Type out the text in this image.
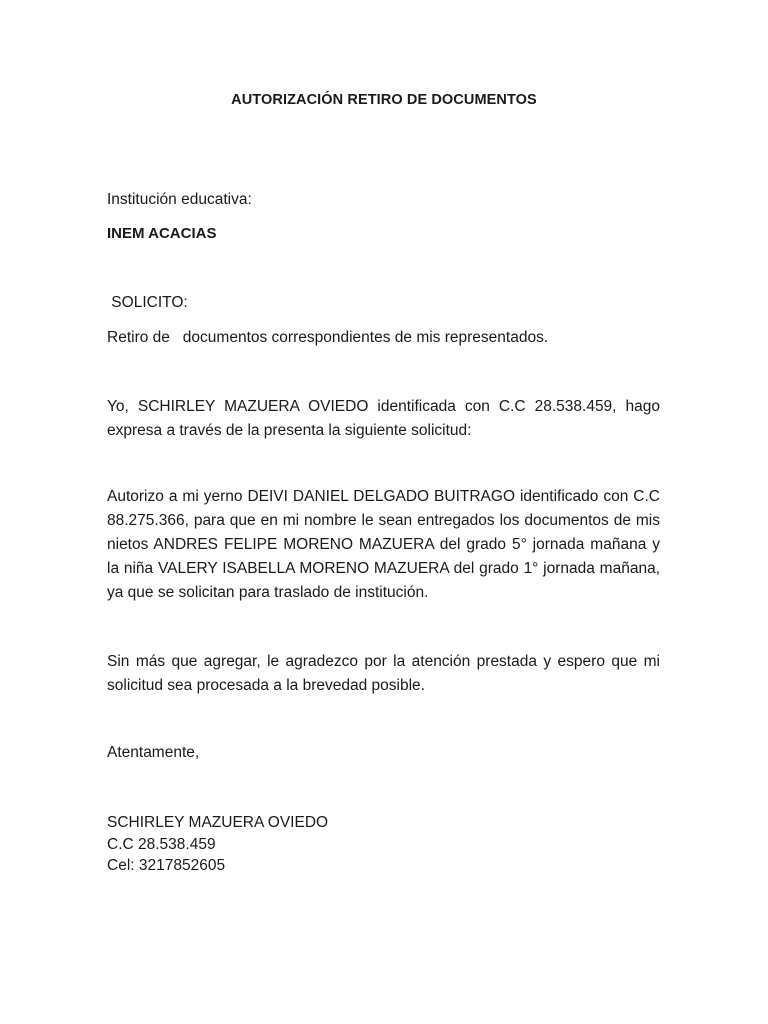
AUTORIZACIÓN RETIRO DE DOCUMENTOS

Institución educativa:

INEM ACACIAS

SOLICITO:

Retiro de   documentos correspondientes de mis representados.

Yo, SCHIRLEY MAZUERA OVIEDO identificada con C.C 28.538.459, hago expresa a través de la presenta la siguiente solicitud:

Autorizo a mi yerno DEIVI DANIEL DELGADO BUITRAGO identificado con C.C 88.275.366, para que en mi nombre le sean entregados los documentos de mis nietos ANDRES FELIPE MORENO MAZUERA del grado 5° jornada mañana y la niña VALERY ISABELLA MORENO MAZUERA del grado 1° jornada mañana, ya que se solicitan para traslado de institución.

Sin más que agregar, le agradezco por la atención prestada y espero que mi solicitud sea procesada a la brevedad posible.

Atentamente,

SCHIRLEY MAZUERA OVIEDO
C.C 28.538.459
Cel: 3217852605
